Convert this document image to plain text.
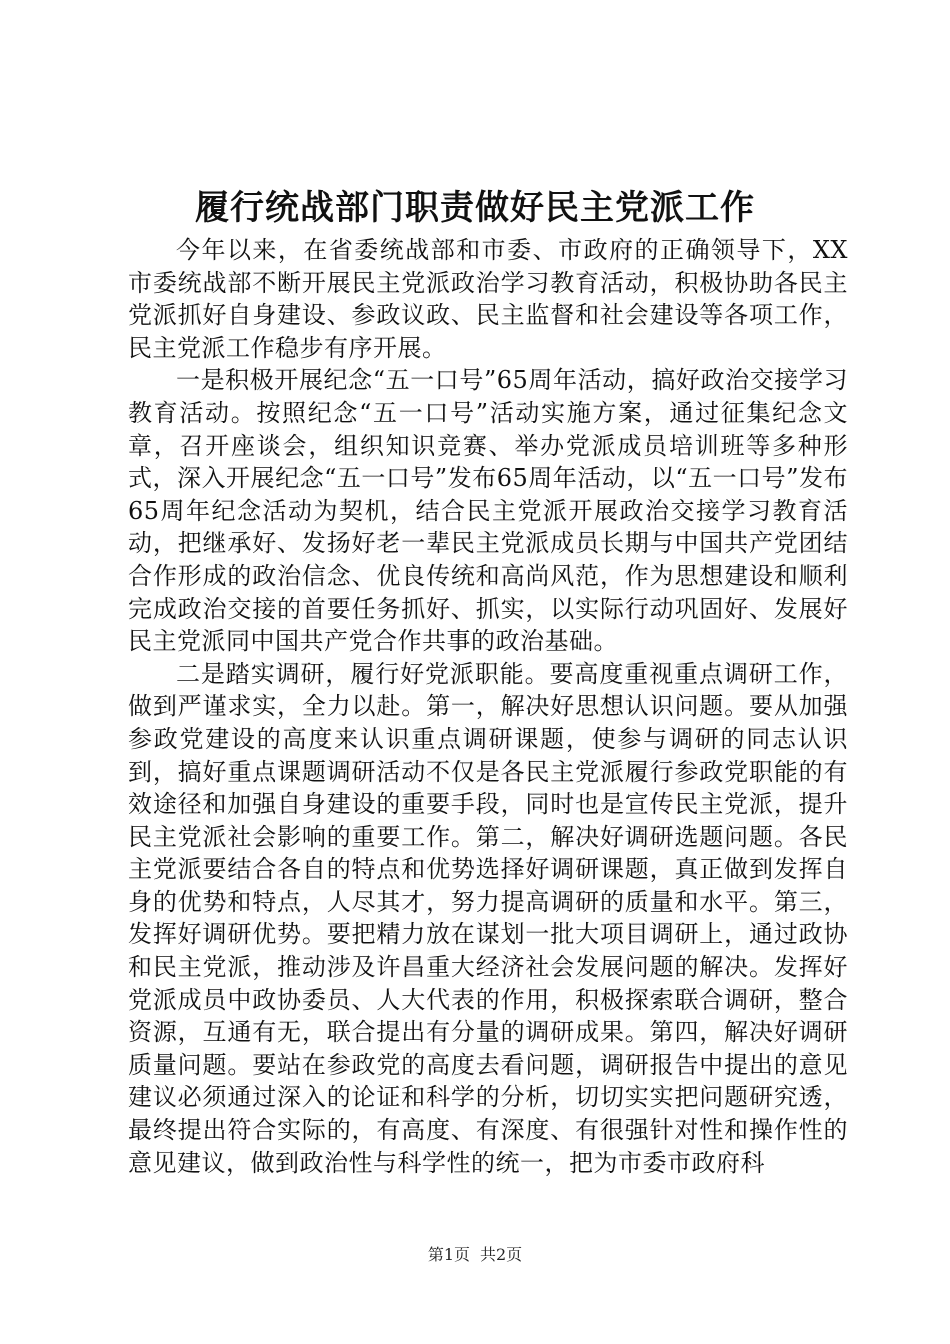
履行统战部门职责做好民主党派工作

今年以来，在省委统战部和市委、市政府的正确领导下，XX市委统战部不断开展民主党派政治学习教育活动，积极协助各民主党派抓好自身建设、参政议政、民主监督和社会建设等各项工作，民主党派工作稳步有序开展。

一是积极开展纪念“五一口号”65周年活动，搞好政治交接学习教育活动。按照纪念“五一口号”活动实施方案，通过征集纪念文章，召开座谈会，组织知识竞赛、举办党派成员培训班等多种形式，深入开展纪念“五一口号”发布65周年活动，以“五一口号”发布65周年纪念活动为契机，结合民主党派开展政治交接学习教育活动，把继承好、发扬好老一辈民主党派成员长期与中国共产党团结合作形成的政治信念、优良传统和高尚风范，作为思想建设和顺利完成政治交接的首要任务抓好、抓实，以实际行动巩固好、发展好民主党派同中国共产党合作共事的政治基础。

二是踏实调研，履行好党派职能。要高度重视重点调研工作，做到严谨求实，全力以赴。第一，解决好思想认识问题。要从加强参政党建设的高度来认识重点调研课题，使参与调研的同志认识到，搞好重点课题调研活动不仅是各民主党派履行参政党职能的有效途径和加强自身建设的重要手段，同时也是宣传民主党派，提升民主党派社会影响的重要工作。第二，解决好调研选题问题。各民主党派要结合各自的特点和优势选择好调研课题，真正做到发挥自身的优势和特点，人尽其才，努力提高调研的质量和水平。第三，发挥好调研优势。要把精力放在谋划一批大项目调研上，通过政协和民主党派，推动涉及许昌重大经济社会发展问题的解决。发挥好党派成员中政协委员、人大代表的作用，积极探索联合调研，整合资源，互通有无，联合提出有分量的调研成果。第四，解决好调研质量问题。要站在参政党的高度去看问题，调研报告中提出的意见建议必须通过深入的论证和科学的分析，切切实实把问题研究透，最终提出符合实际的，有高度、有深度、有很强针对性和操作性的意见建议，做到政治性与科学性的统一，把为市委市政府科

第1页 共2页
